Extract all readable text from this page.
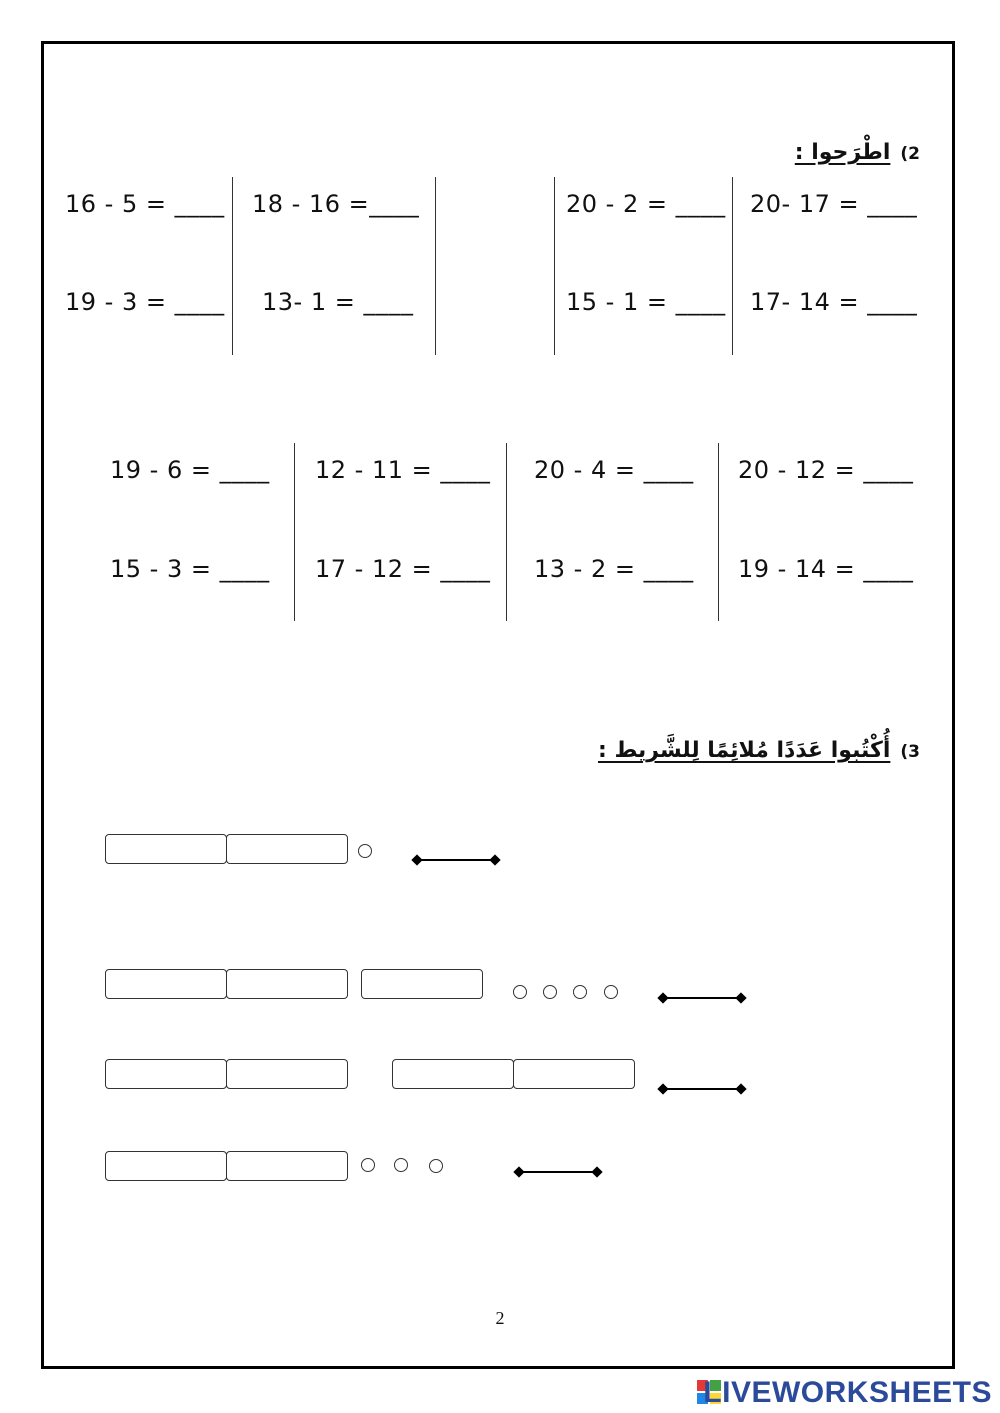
2)اطْرَحوا :
16 - 5 = ____
19 - 3 = ____
18 - 16 =____
13- 1 = ____
20 - 2 = ____
15 - 1 = ____
20- 17 = ____
17- 14 = ____
19 - 6 = ____
15 - 3 = ____
12 - 11 = ____
17 - 12 = ____
20 - 4 = ____
13 - 2 = ____
20 - 12 = ____
19 - 14 = ____
3)أُكْتُبوا عَدَدًا مُلائِمًا لِلشَّريط :
2
LIVEWORKSHEETS
